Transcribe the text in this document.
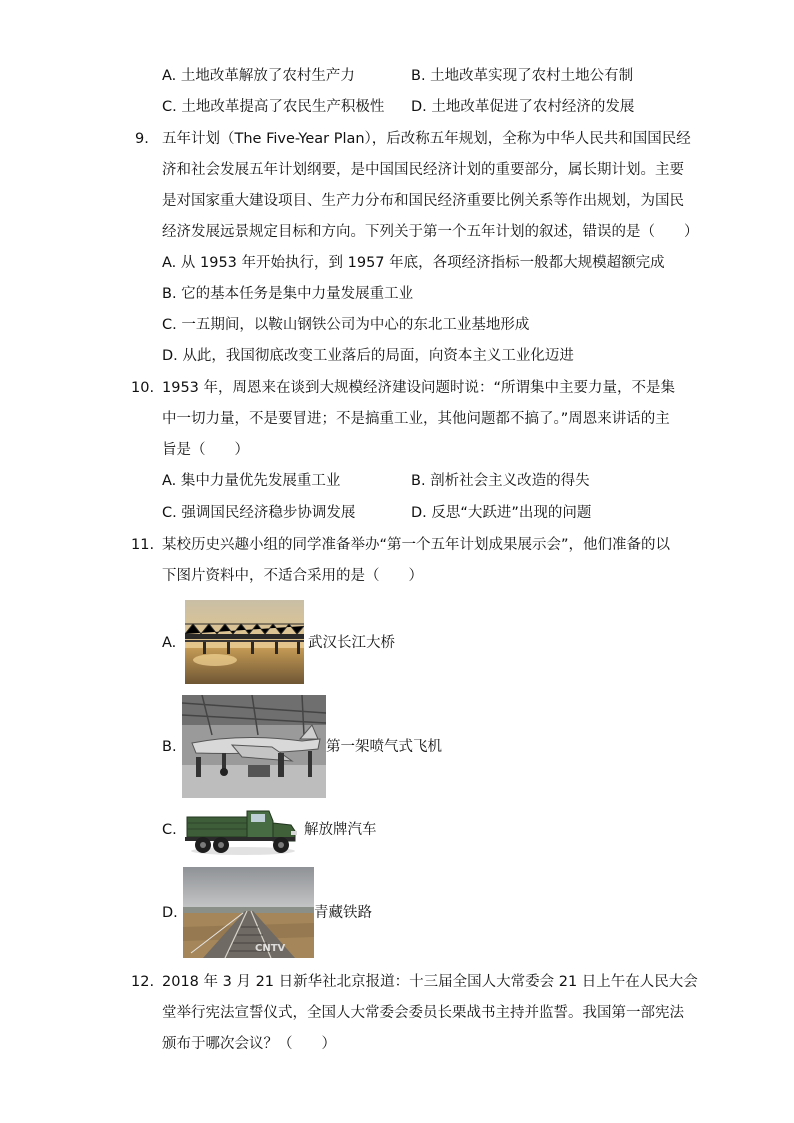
A. 土地改革解放了农村生产力	B. 土地改革实现了农村土地公有制
C. 土地改革提高了农民生产积极性 D. 土地改革促进了农村经济的发展
9. 五年计划（The Five-Year Plan），后改称五年规划，全称为中华人民共和国国民经
济和社会发展五年计划纲要，是中国国民经济计划的重要部分，属长期计划。主要
是对国家重大建设项目、生产力分布和国民经济重要比例关系等作出规划，为国民
经济发展远景规定目标和方向。下列关于第一个五年计划的叙述，错误的是（　　）
A. 从 1953 年开始执行，到 1957 年底，各项经济指标一般都大规模超额完成
B. 它的基本任务是集中力量发展重工业
C. 一五期间，以鞍山钢铁公司为中心的东北工业基地形成
D. 从此，我国彻底改变工业落后的局面，向资本主义工业化迈进
10. 1953 年，周恩来在谈到大规模经济建设问题时说：“所谓集中主要力量，不是集
中一切力量，不是要冒进；不是搞重工业，其他问题都不搞了。”周恩来讲话的主
旨是（　　）
A. 集中力量优先发展重工业	B. 剖析社会主义改造的得失
C. 强调国民经济稳步协调发展	D. 反思“大跃进”出现的问题
11. 某校历史兴趣小组的同学准备举办“第一个五年计划成果展示会”，他们准备的以
下图片资料中，不适合采用的是（　　）
A.	武汉长江大桥
B.	第一架喷气式飞机
C.	解放牌汽车
D.
CNTV
青藏铁路
12. 2018 年 3 月 21 日新华社北京报道：十三届全国人大常委会 21 日上午在人民大会
堂举行宪法宣誓仪式，全国人大常委会委员长栗战书主持并监誓。我国第一部宪法
颁布于哪次会议？（　　）
